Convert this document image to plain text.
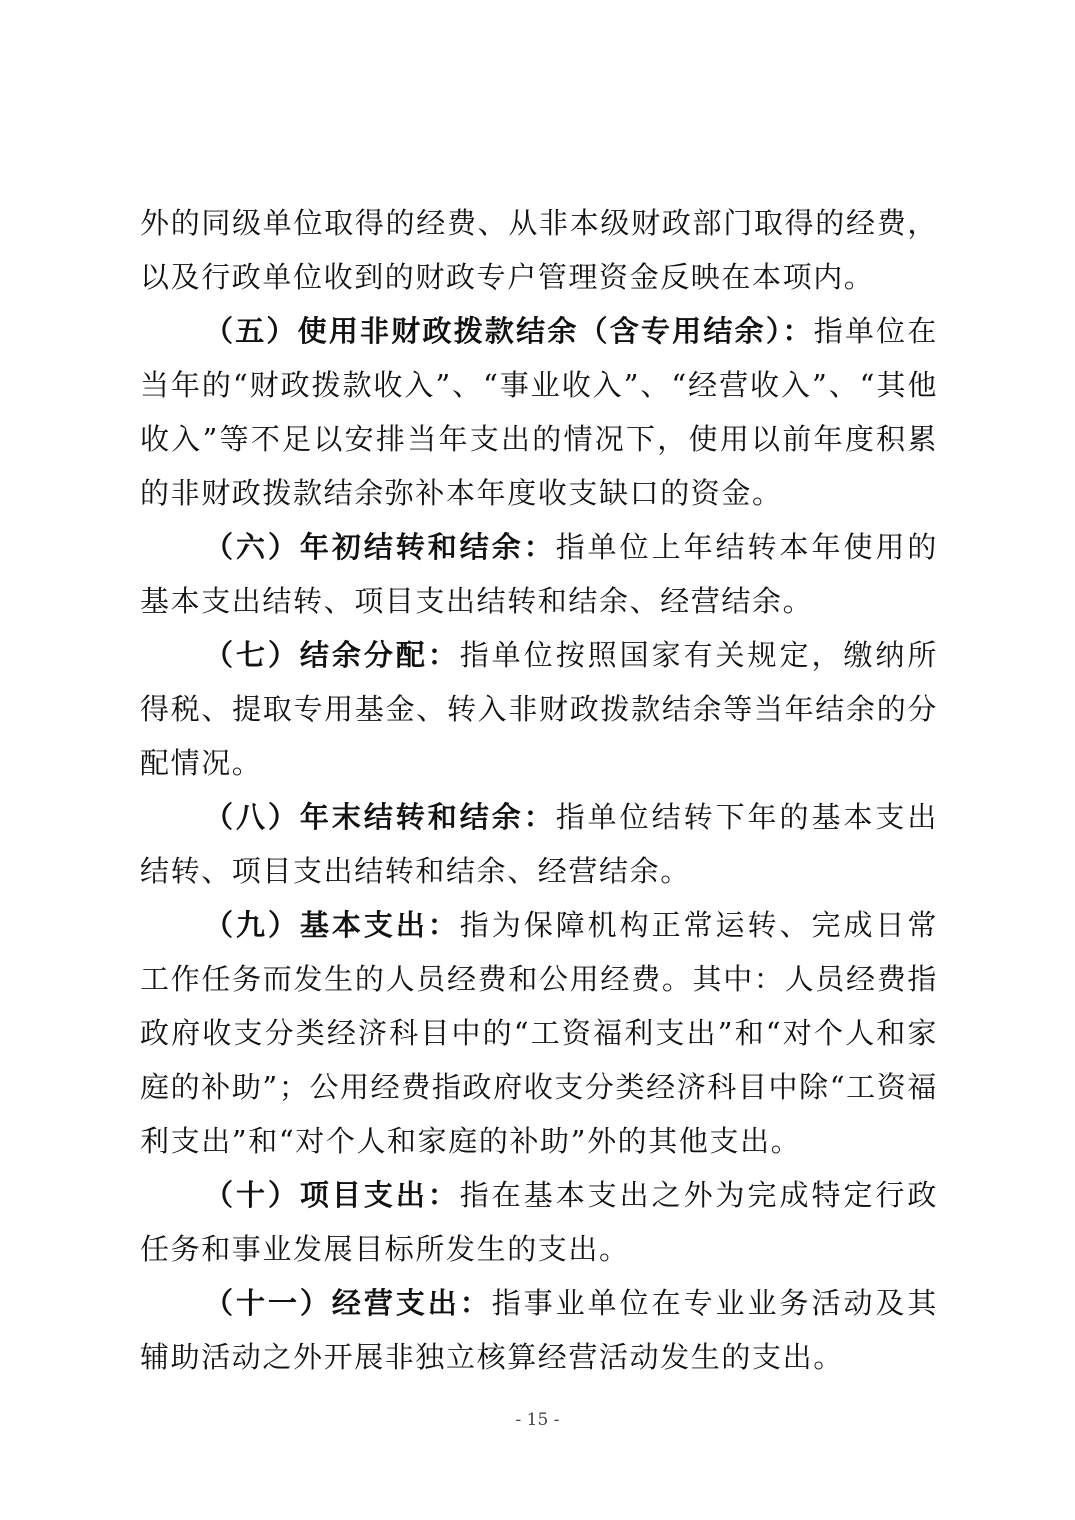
外的同级单位取得的经费、从非本级财政部门取得的经费，以及行政单位收到的财政专户管理资金反映在本项内。

（五）使用非财政拨款结余（含专用结余）：指单位在当年的“财政拨款收入”、“事业收入”、“经营收入”、“其他收入”等不足以安排当年支出的情况下，使用以前年度积累的非财政拨款结余弥补本年度收支缺口的资金。

（六）年初结转和结余：指单位上年结转本年使用的基本支出结转、项目支出结转和结余、经营结余。

（七）结余分配：指单位按照国家有关规定，缴纳所得税、提取专用基金、转入非财政拨款结余等当年结余的分配情况。

（八）年末结转和结余：指单位结转下年的基本支出结转、项目支出结转和结余、经营结余。

（九）基本支出：指为保障机构正常运转、完成日常工作任务而发生的人员经费和公用经费。其中：人员经费指政府收支分类经济科目中的“工资福利支出”和“对个人和家庭的补助”；公用经费指政府收支分类经济科目中除“工资福利支出”和“对个人和家庭的补助”外的其他支出。

（十）项目支出：指在基本支出之外为完成特定行政任务和事业发展目标所发生的支出。

（十一）经营支出：指事业单位在专业业务活动及其辅助活动之外开展非独立核算经营活动发生的支出。

- 15 -
